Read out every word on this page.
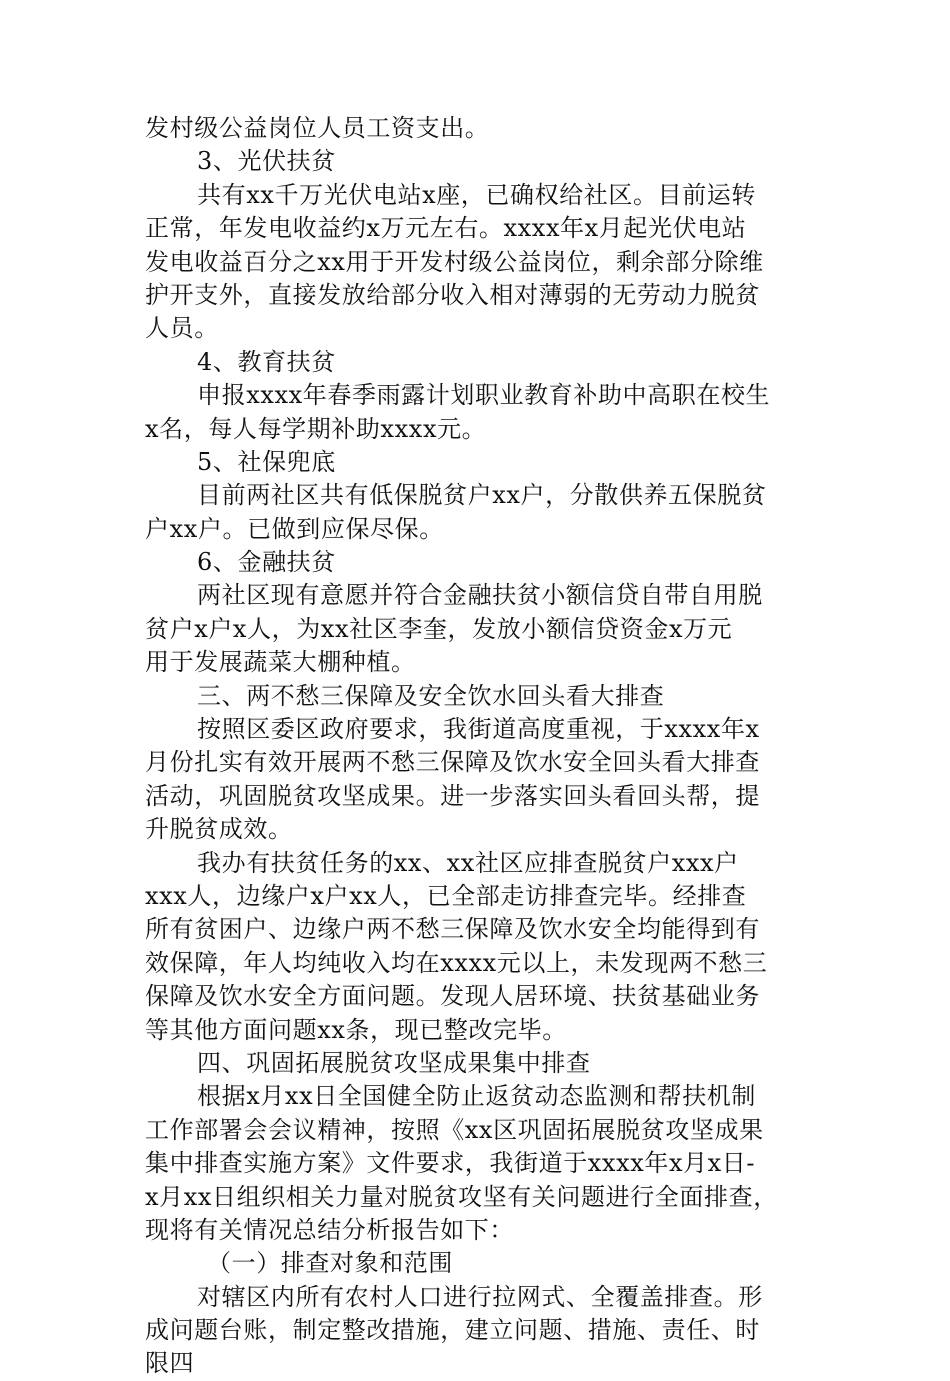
发村级公益岗位人员工资支出。
3、光伏扶贫
共有xx千万光伏电站x座，已确权给社区。目前运转
正常，年发电收益约x万元左右。xxxx年x月起光伏电站
发电收益百分之xx用于开发村级公益岗位，剩余部分除维
护开支外，直接发放给部分收入相对薄弱的无劳动力脱贫
人员。
4、教育扶贫
申报xxxx年春季雨露计划职业教育补助中高职在校生
x名，每人每学期补助xxxx元。
5、社保兜底
目前两社区共有低保脱贫户xx户，分散供养五保脱贫
户xx户。已做到应保尽保。
6、金融扶贫
两社区现有意愿并符合金融扶贫小额信贷自带自用脱
贫户x户x人，为xx社区李奎，发放小额信贷资金x万元
用于发展蔬菜大棚种植。
三、两不愁三保障及安全饮水回头看大排查
按照区委区政府要求，我街道高度重视，于xxxx年x
月份扎实有效开展两不愁三保障及饮水安全回头看大排查
活动，巩固脱贫攻坚成果。进一步落实回头看回头帮，提
升脱贫成效。
我办有扶贫任务的xx、xx社区应排查脱贫户xxx户
xxx人，边缘户x户xx人，已全部走访排查完毕。经排查
所有贫困户、边缘户两不愁三保障及饮水安全均能得到有
效保障，年人均纯收入均在xxxx元以上，未发现两不愁三
保障及饮水安全方面问题。发现人居环境、扶贫基础业务
等其他方面问题xx条，现已整改完毕。
四、巩固拓展脱贫攻坚成果集中排查
根据x月xx日全国健全防止返贫动态监测和帮扶机制
工作部署会会议精神，按照《xx区巩固拓展脱贫攻坚成果
集中排查实施方案》文件要求，我街道于xxxx年x月x日-
x月xx日组织相关力量对脱贫攻坚有关问题进行全面排查，
现将有关情况总结分析报告如下：
（一）排查对象和范围
对辖区内所有农村人口进行拉网式、全覆盖排查。形
成问题台账，制定整改措施，建立问题、措施、责任、时
限四
